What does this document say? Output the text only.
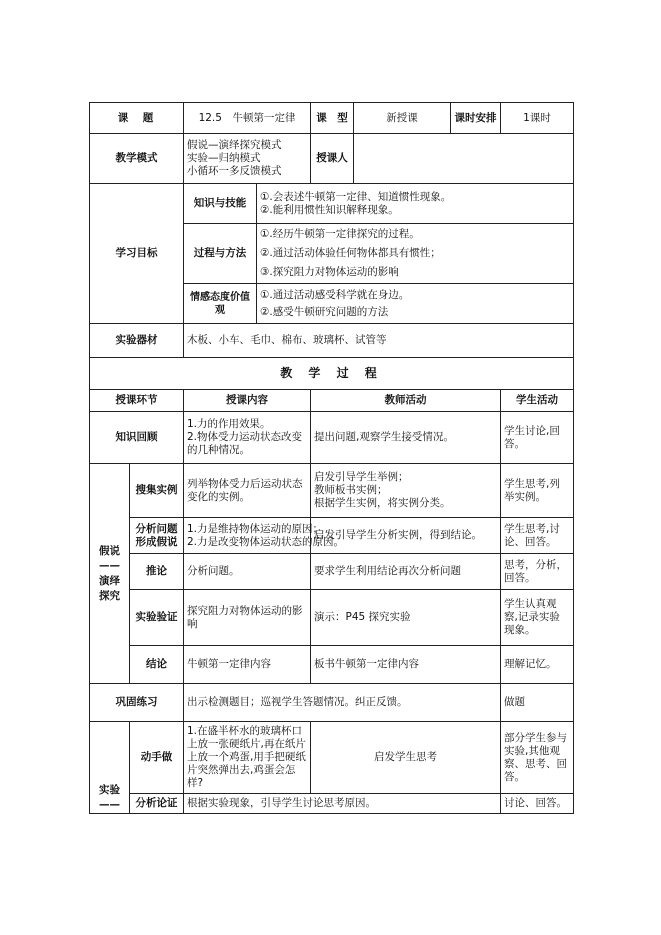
课　题		12.5　牛顿第一定律		课　型	新授课	课时安排	1课时
教学模式		假说—演绎探究模式
实验—归纳模式
小循环一多反馈模式		授课人			
学习目标		知识与技能	①.会表述牛顿第一定律、知道惯性现象。
②.能利用惯性知识解释现象。				

		过程与方法	①.经历牛顿第一定律探究的过程。
②.通过活动体验任何物体都具有惯性；
③.探究阻力对物体运动的影响				

		情感态度价值观	①.通过活动感受科学就在身边。
②.感受牛顿研究问题的方法				

实验器材		木板、小车、毛巾、棉布、玻璃杯、试管等					
教 学 过 程							
授课环节		授课内容		教师活动			学生活动
知识回顾		1.力的作用效果。
2.物体受力运动状态改变的几种情况。		提出问题,观察学生接受情况。			学生讨论,回答。

假说
——
演绎
探究	搜集实例	列举物体受力后运动状态变化的实例。		启发引导学生举例；
教师板书实例；
根据学生实例，将实例分类。			学生思考,列举实例。
	分析问题形成假说	1.力是维持物体运动的原因；
2.力是改变物体运动状态的原因。		启发引导学生分析实例，得到结论。			学生思考,讨论、回答。
	推论	分析问题。		要求学生利用结论再次分析问题			思考，分析，回答。
	实验验证	探究阻力对物体运动的影响		演示：P45 探究实验			学生认真观察,记录实验现象。
	结论	牛顿第一定律内容		板书牛顿第一定律内容			理解记忆。
巩固练习		出示检测题目；巡视学生答题情况。纠正反馈。					做题

实验
——	动手做	1.在盛半杯水的玻璃杯口上放一张硬纸片,再在纸片上放一个鸡蛋,用手把硬纸片突然弹出去,鸡蛋会怎样?		启发学生思考			部分学生参与实验,其他观察、思考、回答。
	分析论证	根据实验现象，引导学生讨论思考原因。					讨论、回答。
